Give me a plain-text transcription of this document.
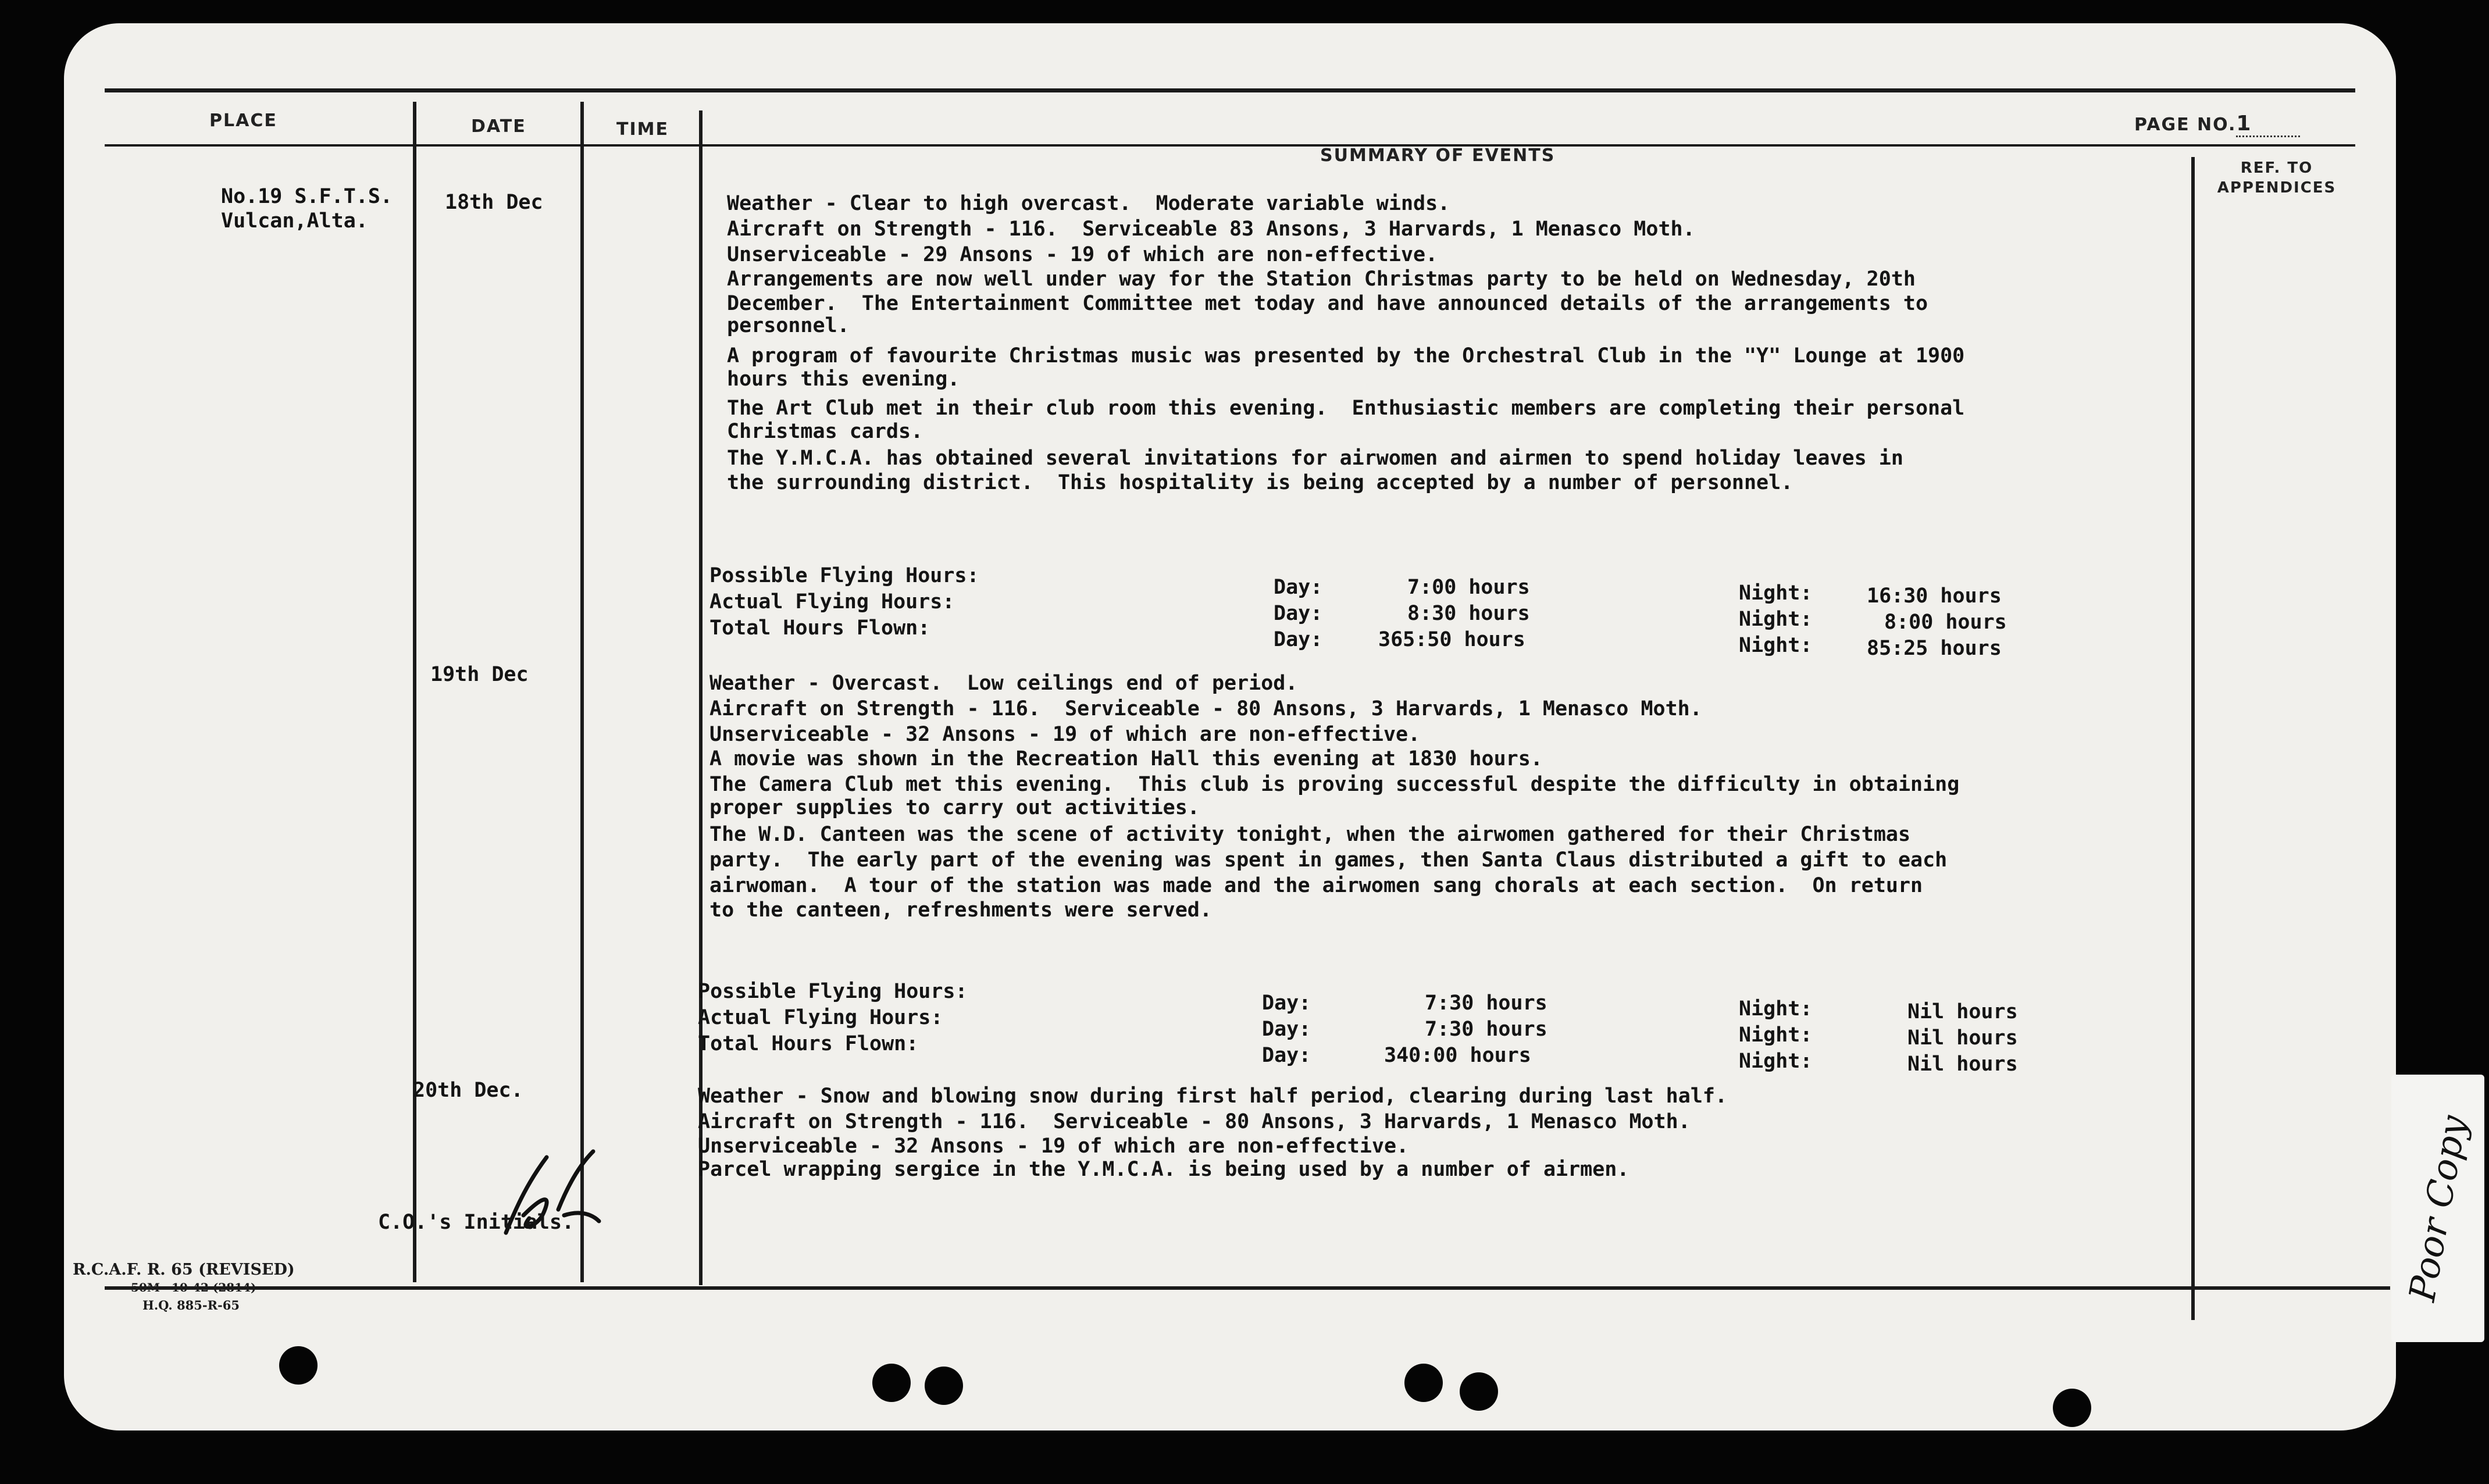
PLACE	DATE	TIME
SUMMARY OF EVENTS
PAGE NO.1
REF. TO
APPENDICES
No.19 S.F.T.S.
Vulcan,Alta.
18th Dec
19th Dec
20th Dec.
Weather - Clear to high overcast.  Moderate variable winds.
Aircraft on Strength - 116.  Serviceable 83 Ansons, 3 Harvards, 1 Menasco Moth.
Unserviceable - 29 Ansons - 19 of which are non-effective.
Arrangements are now well under way for the Station Christmas party to be held on Wednesday, 20th
December.  The Entertainment Committee met today and have announced details of the arrangements to
personnel.
A program of favourite Christmas music was presented by the Orchestral Club in the "Y" Lounge at 1900
hours this evening.
The Art Club met in their club room this evening.  Enthusiastic members are completing their personal
Christmas cards.
The Y.M.C.A. has obtained several invitations for airwomen and airmen to spend holiday leaves in
the surrounding district.  This hospitality is being accepted by a number of personnel.
Possible Flying Hours:
Actual Flying Hours:
Total Hours Flown:
Day:
Day:
Day:
7:00 hours
8:30 hours
365:50 hours
Night:
Night:
Night:
16:30 hours
8:00 hours
85:25 hours
Weather - Overcast.  Low ceilings end of period.
Aircraft on Strength - 116.  Serviceable - 80 Ansons, 3 Harvards, 1 Menasco Moth.
Unserviceable - 32 Ansons - 19 of which are non-effective.
A movie was shown in the Recreation Hall this evening at 1830 hours.
The Camera Club met this evening.  This club is proving successful despite the difficulty in obtaining
proper supplies to carry out activities.
The W.D. Canteen was the scene of activity tonight, when the airwomen gathered for their Christmas
party.  The early part of the evening was spent in games, then Santa Claus distributed a gift to each
airwoman.  A tour of the station was made and the airwomen sang chorals at each section.  On return
to the canteen, refreshments were served.
Possible Flying Hours:
Actual Flying Hours:
Total Hours Flown:
Day:
Day:
Day:
7:30 hours
7:30 hours
340:00 hours
Night:
Night:
Night:
Nil hours
Nil hours
Nil hours
Weather - Snow and blowing snow during first half period, clearing during last half.
Aircraft on Strength - 116.  Serviceable - 80 Ansons, 3 Harvards, 1 Menasco Moth.
Unserviceable - 32 Ansons - 19 of which are non-effective.
Parcel wrapping sergice in the Y.M.C.A. is being used by a number of airmen.
C.O.'s Initials.
R.C.A.F. R. 65 (REVISED)
50M—10-42 (2814)
H.Q. 885-R-65
Poor Copy
